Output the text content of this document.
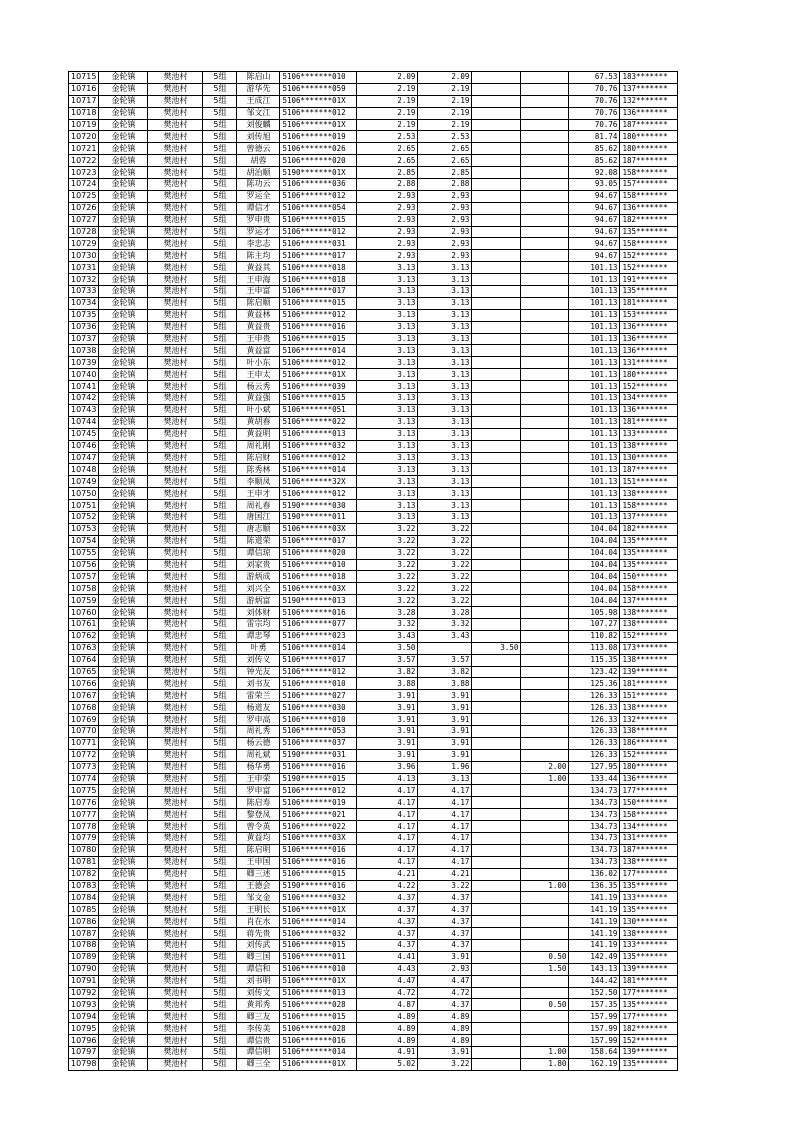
10715	金轮镇	樊池村	5组	陈启山	5106*******010	2.09	2.09			67.53	183*******
10716	金轮镇	樊池村	5组	游华先	5106*******059	2.19	2.19			70.76	137*******
10717	金轮镇	樊池村	5组	王成江	5106*******01X	2.19	2.19			70.76	132*******
10718	金轮镇	樊池村	5组	邹文江	5106*******012	2.19	2.19			70.76	136*******
10719	金轮镇	樊池村	5组	刘俊麟	5106*******01X	2.19	2.19			70.76	187*******
10720	金轮镇	樊池村	5组	刘传旭	5106*******019	2.53	2.53			81.74	180*******
10721	金轮镇	樊池村	5组	曾德云	5106*******026	2.65	2.65			85.62	180*******
10722	金轮镇	樊池村	5组	胡蓉	5106*******020	2.65	2.65			85.62	187*******
10723	金轮镇	樊池村	5组	胡治顺	5190*******01X	2.85	2.85			92.08	158*******
10724	金轮镇	樊池村	5组	陈功云	5106*******036	2.88	2.88			93.05	157*******
10725	金轮镇	樊池村	5组	罗运全	5106*******012	2.93	2.93			94.67	158*******
10726	金轮镇	樊池村	5组	谭信才	5106*******054	2.93	2.93			94.67	136*******
10727	金轮镇	樊池村	5组	罗申贵	5106*******015	2.93	2.93			94.67	182*******
10728	金轮镇	樊池村	5组	罗运才	5106*******012	2.93	2.93			94.67	135*******
10729	金轮镇	樊池村	5组	李忠志	5106*******031	2.93	2.93			94.67	158*******
10730	金轮镇	樊池村	5组	陈主均	5106*******017	2.93	2.93			94.67	152*******
10731	金轮镇	樊池村	5组	黄益其	5106*******018	3.13	3.13			101.13	152*******
10732	金轮镇	樊池村	5组	王申海	5106*******018	3.13	3.13			101.13	191*******
10733	金轮镇	樊池村	5组	王申富	5106*******017	3.13	3.13			101.13	135*******
10734	金轮镇	樊池村	5组	陈启顺	5106*******015	3.13	3.13			101.13	181*******
10735	金轮镇	樊池村	5组	黄益林	5106*******012	3.13	3.13			101.13	153*******
10736	金轮镇	樊池村	5组	黄益贵	5106*******016	3.13	3.13			101.13	136*******
10737	金轮镇	樊池村	5组	王申贵	5106*******015	3.13	3.13			101.13	136*******
10738	金轮镇	樊池村	5组	黄益富	5106*******014	3.13	3.13			101.13	136*******
10739	金轮镇	樊池村	5组	叶小东	5106*******012	3.13	3.13			101.13	131*******
10740	金轮镇	樊池村	5组	王申太	5106*******01X	3.13	3.13			101.13	180*******
10741	金轮镇	樊池村	5组	杨云秀	5106*******039	3.13	3.13			101.13	152*******
10742	金轮镇	樊池村	5组	黄益强	5106*******015	3.13	3.13			101.13	134*******
10743	金轮镇	樊池村	5组	叶小斌	5106*******051	3.13	3.13			101.13	136*******
10744	金轮镇	樊池村	5组	黄胡春	5106*******022	3.13	3.13			101.13	181*******
10745	金轮镇	樊池村	5组	黄益明	5106*******013	3.13	3.13			101.13	133*******
10746	金轮镇	樊池村	5组	周礼刚	5106*******032	3.13	3.13			101.13	138*******
10747	金轮镇	樊池村	5组	陈启财	5106*******012	3.13	3.13			101.13	130*******
10748	金轮镇	樊池村	5组	陈秀林	5106*******014	3.13	3.13			101.13	187*******
10749	金轮镇	樊池村	5组	李顺凤	5106*******32X	3.13	3.13			101.13	151*******
10750	金轮镇	樊池村	5组	王申才	5106*******012	3.13	3.13			101.13	138*******
10751	金轮镇	樊池村	5组	周礼春	5190*******030	3.13	3.13			101.13	158*******
10752	金轮镇	樊池村	5组	唐国江	5190*******011	3.13	3.13			101.13	137*******
10753	金轮镇	樊池村	5组	唐志顺	5106*******03X	3.22	3.22			104.04	182*******
10754	金轮镇	樊池村	5组	陈道荣	5106*******017	3.22	3.22			104.04	135*******
10755	金轮镇	樊池村	5组	谭信琼	5106*******020	3.22	3.22			104.04	135*******
10756	金轮镇	樊池村	5组	刘家贵	5106*******010	3.22	3.22			104.04	135*******
10757	金轮镇	樊池村	5组	游炳成	5106*******018	3.22	3.22			104.04	150*******
10758	金轮镇	樊池村	5组	刘兴全	5106*******03X	3.22	3.22			104.04	158*******
10759	金轮镇	樊池村	5组	游炳富	5190*******013	3.22	3.22			104.04	137*******
10760	金轮镇	樊池村	5组	刘体财	5106*******016	3.28	3.28			105.98	138*******
10761	金轮镇	樊池村	5组	雷宗均	5106*******077	3.32	3.32			107.27	138*******
10762	金轮镇	樊池村	5组	谭忠琴	5106*******023	3.43	3.43			110.82	152*******
10763	金轮镇	樊池村	5组	叶勇	5106*******014	3.50		3.50		113.08	173*******
10764	金轮镇	樊池村	5组	刘传义	5106*******017	3.57	3.57			115.35	138*******
10765	金轮镇	樊池村	5组	钟光友	5106*******012	3.82	3.82			123.42	139*******
10766	金轮镇	樊池村	5组	刘书友	5106*******010	3.88	3.88			125.36	181*******
10767	金轮镇	樊池村	5组	雷荣兰	5106*******027	3.91	3.91			126.33	151*******
10768	金轮镇	樊池村	5组	杨道友	5106*******030	3.91	3.91			126.33	138*******
10769	金轮镇	樊池村	5组	罗申高	5106*******010	3.91	3.91			126.33	132*******
10770	金轮镇	樊池村	5组	周礼秀	5106*******053	3.91	3.91			126.33	138*******
10771	金轮镇	樊池村	5组	杨云德	5106*******037	3.91	3.91			126.33	186*******
10772	金轮镇	樊池村	5组	周礼斌	5190*******031	3.91	3.91			126.33	152*******
10773	金轮镇	樊池村	5组	杨华勇	5106*******016	3.96	1.96		2.00	127.95	180*******
10774	金轮镇	樊池村	5组	王申荣	5190*******015	4.13	3.13		1.00	133.44	136*******
10775	金轮镇	樊池村	5组	罗申富	5106*******012	4.17	4.17			134.73	177*******
10776	金轮镇	樊池村	5组	陈启寿	5106*******019	4.17	4.17			134.73	150*******
10777	金轮镇	樊池村	5组	黎登凤	5106*******021	4.17	4.17			134.73	158*******
10778	金轮镇	樊池村	5组	曾令英	5106*******022	4.17	4.17			134.73	134*******
10779	金轮镇	樊池村	5组	黄益均	5106*******03X	4.17	4.17			134.73	131*******
10780	金轮镇	樊池村	5组	陈启明	5106*******016	4.17	4.17			134.73	187*******
10781	金轮镇	樊池村	5组	王申国	5106*******016	4.17	4.17			134.73	138*******
10782	金轮镇	樊池村	5组	卿三述	5106*******015	4.21	4.21			136.02	177*******
10783	金轮镇	樊池村	5组	王德会	5190*******016	4.22	3.22		1.00	136.35	135*******
10784	金轮镇	樊池村	5组	邹文金	5106*******032	4.37	4.37			141.19	133*******
10785	金轮镇	樊池村	5组	王明长	5106*******01X	4.37	4.37			141.19	135*******
10786	金轮镇	樊池村	5组	肖在水	5106*******014	4.37	4.37			141.19	130*******
10787	金轮镇	樊池村	5组	蒋先贵	5106*******032	4.37	4.37			141.19	138*******
10788	金轮镇	樊池村	5组	刘传武	5106*******015	4.37	4.37			141.19	133*******
10789	金轮镇	樊池村	5组	卿三国	5106*******011	4.41	3.91		0.50	142.49	135*******
10790	金轮镇	樊池村	5组	谭信和	5106*******010	4.43	2.93		1.50	143.13	139*******
10791	金轮镇	樊池村	5组	刘书明	5106*******01X	4.47	4.47			144.42	181*******
10792	金轮镇	樊池村	5组	刘传文	5106*******013	4.72	4.72			152.50	177*******
10793	金轮镇	樊池村	5组	黄邦秀	5106*******028	4.87	4.37		0.50	157.35	135*******
10794	金轮镇	樊池村	5组	卿三友	5106*******015	4.89	4.89			157.99	177*******
10795	金轮镇	樊池村	5组	李传美	5106*******028	4.89	4.89			157.99	182*******
10796	金轮镇	樊池村	5组	谭信贵	5106*******016	4.89	4.89			157.99	152*******
10797	金轮镇	樊池村	5组	谭信明	5106*******014	4.91	3.91		1.00	158.64	139*******
10798	金轮镇	樊池村	5组	卿三全	5106*******01X	5.02	3.22		1.80	162.19	135*******
